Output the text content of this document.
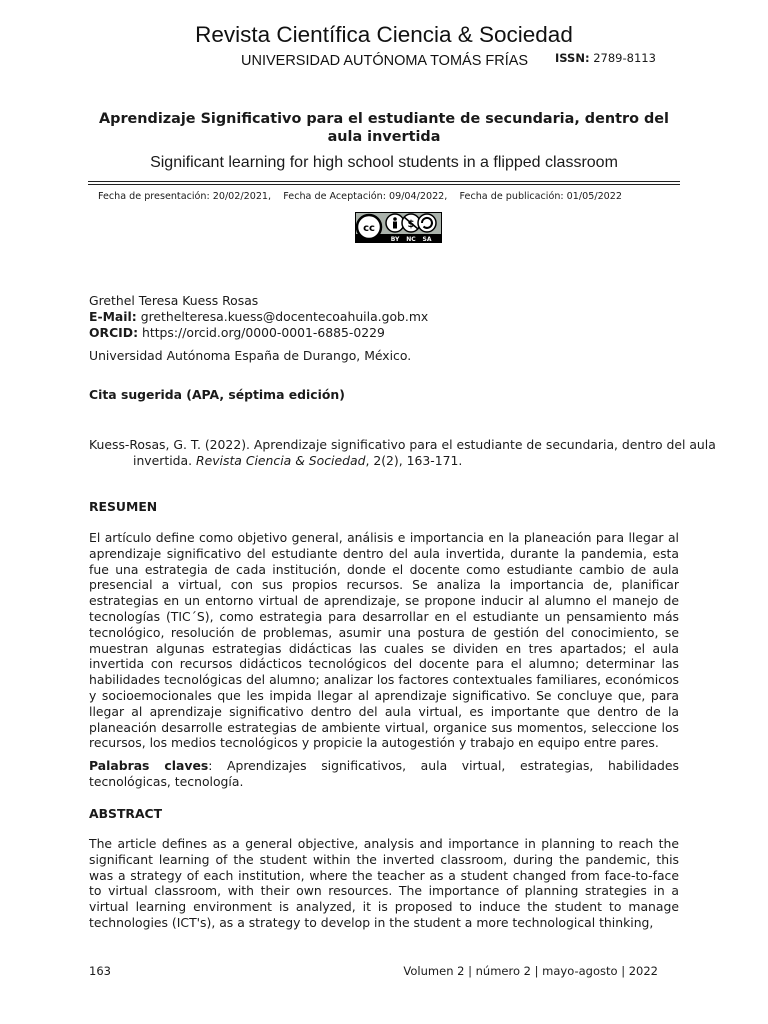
Revista Científica Ciencia & Sociedad
UNIVERSIDAD AUTÓNOMA TOMÁS FRÍAS ISSN: 2789-8113
Aprendizaje Significativo para el estudiante de secundaria, dentro del aula invertida
Significant learning for high school students in a flipped classroom
Fecha de presentación: 20/02/2021, Fecha de Aceptación: 09/04/2022, Fecha de publicación: 01/05/2022
cc	$
BY NC SA
Grethel Teresa Kuess Rosas
E-Mail: grethelteresa.kuess@docentecoahuila.gob.mx
ORCID: https://orcid.org/0000-0001-6885-0229
Universidad Autónoma España de Durango, México.
Cita sugerida (APA, séptima edición)
Kuess-Rosas, G. T. (2022). Aprendizaje significativo para el estudiante de secundaria, dentro del aula invertida. Revista Ciencia & Sociedad, 2(2), 163-171.
RESUMEN
El artículo define como objetivo general, análisis e importancia en la planeación para llegar al aprendizaje significativo del estudiante dentro del aula invertida, durante la pandemia, esta fue una estrategia de cada institución, donde el docente como estudiante cambio de aula presencial a virtual, con sus propios recursos. Se analiza la importancia de, planificar estrategias en un entorno virtual de aprendizaje, se propone inducir al alumno el manejo de tecnologías (TIC´S), como estrategia para desarrollar en el estudiante un pensamiento más tecnológico, resolución de problemas, asumir una postura de gestión del conocimiento, se muestran algunas estrategias didácticas las cuales se dividen en tres apartados; el aula invertida con recursos didácticos tecnológicos del docente para el alumno; determinar las habilidades tecnológicas del alumno; analizar los factores contextuales familiares, económicos y socioemocionales que les impida llegar al aprendizaje significativo. Se concluye que, para llegar al aprendizaje significativo dentro del aula virtual, es importante que dentro de la planeación desarrolle estrategias de ambiente virtual, organice sus momentos, seleccione los recursos, los medios tecnológicos y propicie la autogestión y trabajo en equipo entre pares.
Palabras claves: Aprendizajes significativos, aula virtual, estrategias, habilidades tecnológicas, tecnología.
ABSTRACT
The article defines as a general objective, analysis and importance in planning to reach the significant learning of the student within the inverted classroom, during the pandemic, this was a strategy of each institution, where the teacher as a student changed from face-to-face to virtual classroom, with their own resources. The importance of planning strategies in a virtual learning environment is analyzed, it is proposed to induce the student to manage technologies (ICT's), as a strategy to develop in the student a more technological thinking,
163	Volumen 2 | número 2 | mayo-agosto | 2022
